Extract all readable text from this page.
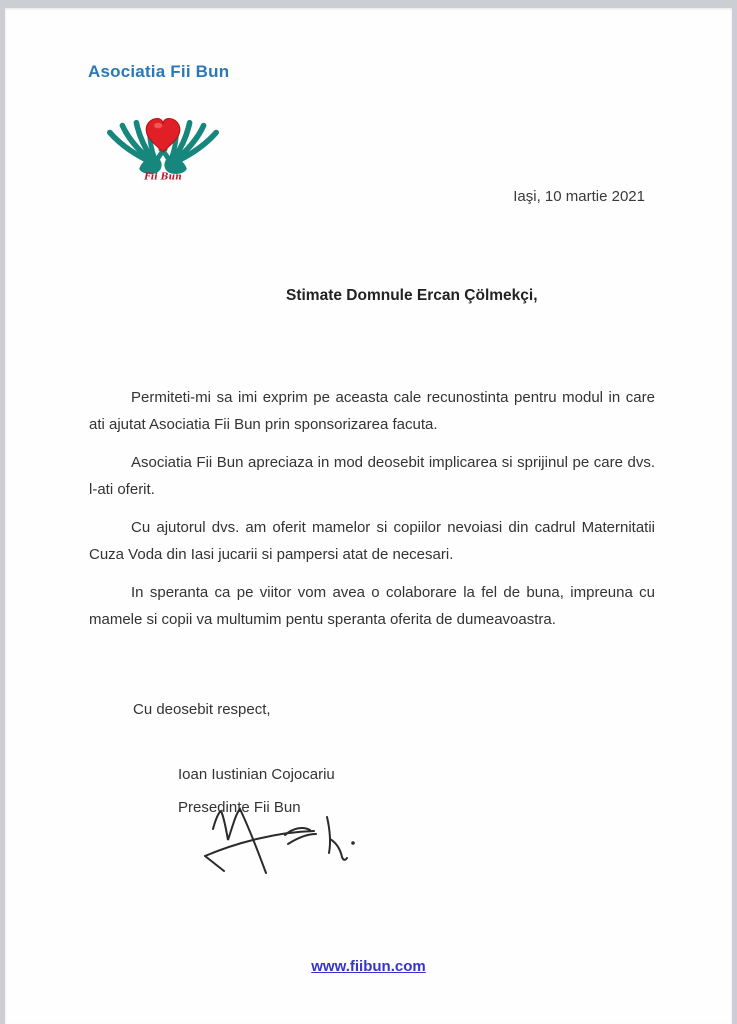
Asociatia Fii Bun
Fii Bun
Iaşi, 10 martie 2021
Stimate Domnule Ercan Çölmekçi,

Permiteti-mi sa imi exprim pe aceasta cale recunostinta pentru modul in care ati ajutat Asociatia Fii Bun prin sponsorizarea facuta.

Asociatia Fii Bun apreciaza in mod deosebit implicarea si sprijinul pe care dvs. l-ati oferit.

Cu ajutorul dvs. am oferit mamelor si copiilor nevoiasi din cadrul Maternitatii Cuza Voda din Iasi jucarii si pampersi atat de necesari.

In speranta ca pe viitor vom avea o colaborare la fel de buna, impreuna cu mamele si copii va multumim pentu speranta oferita de dumeavoastra.

Cu deosebit respect,
Ioan Iustinian Cojocariu
Presedinte Fii Bun
www.fiibun.com
